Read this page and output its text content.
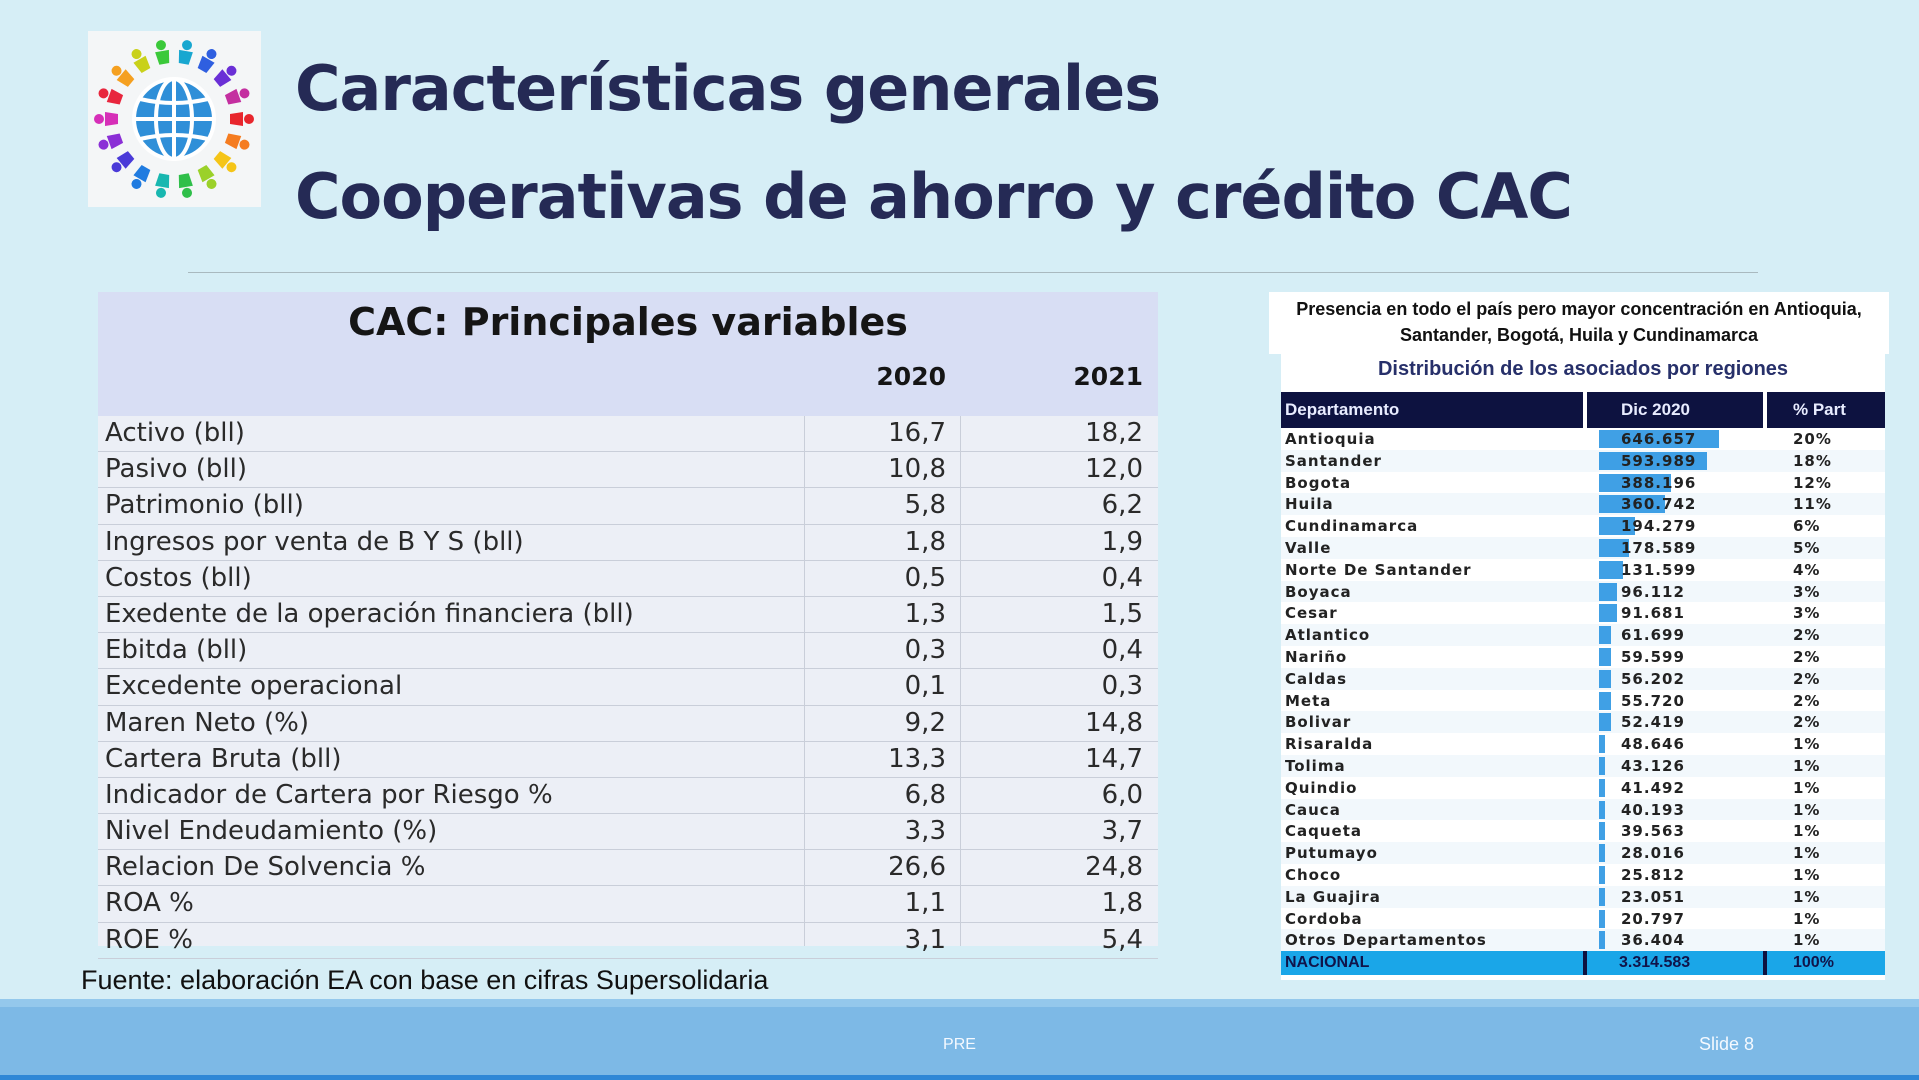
Características generales
Cooperativas de ahorro y crédito CAC
CAC: Principales variables
2020	2021
Activo (bll)	16,7	18,2
Pasivo (bll)	10,8	12,0
Patrimonio (bll)	5,8	6,2
Ingresos por venta de B Y S (bll)	1,8	1,9
Costos (bll)	0,5	0,4
Exedente de la operación financiera (bll)	1,3	1,5
Ebitda (bll)	0,3	0,4
Excedente operacional	0,1	0,3
Maren Neto (%)	9,2	14,8
Cartera Bruta (bll)	13,3	14,7
Indicador de Cartera por Riesgo %	6,8	6,0
Nivel Endeudamiento (%)	3,3	3,7
Relacion De Solvencia %	26,6	24,8
ROA %	1,1	1,8
ROE %	3,1	5,4
Fuente: elaboración EA con base en cifras Supersolidaria
Presencia en todo el país pero mayor concentración en Antioquia,
Santander, Bogotá, Huila y Cundinamarca
Distribución de los asociados por regiones
Departamento	Dic 2020	% Part
Antioquia	646.657	20%
Santander	593.989	18%
Bogota	388.196	12%
Huila	360.742	11%
Cundinamarca	194.279	6%
Valle	178.589	5%
Norte De Santander	131.599	4%
Boyaca	96.112	3%
Cesar	91.681	3%
Atlantico	61.699	2%
Nariño	59.599	2%
Caldas	56.202	2%
Meta	55.720	2%
Bolivar	52.419	2%
Risaralda	48.646	1%
Tolima	43.126	1%
Quindio	41.492	1%
Cauca	40.193	1%
Caqueta	39.563	1%
Putumayo	28.016	1%
Choco	25.812	1%
La Guajira	23.051	1%
Cordoba	20.797	1%
Otros Departamentos	36.404	1%
NACIONAL	3.314.583	100%
PRE	Slide 8
